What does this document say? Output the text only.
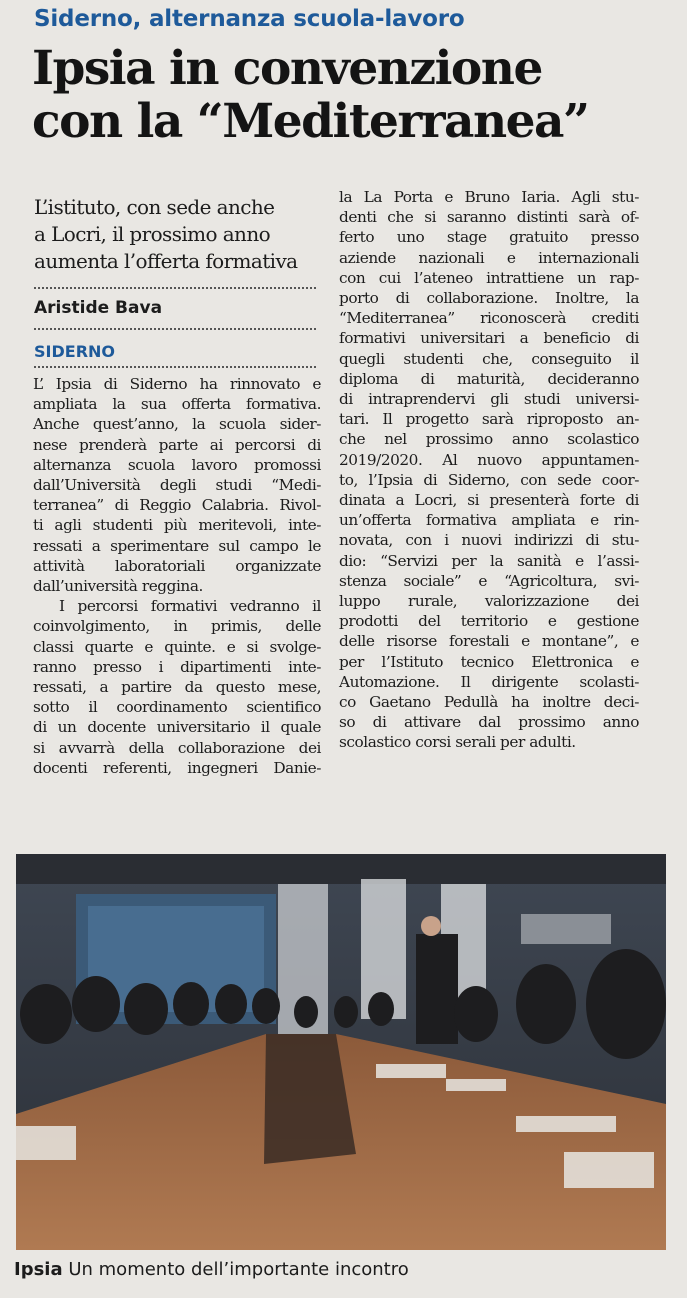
Siderno, alternanza scuola-lavoro
Ipsia in convenzione
con la “Mediterranea”
L’istituto, con sede anche
a Locri, il prossimo anno
aumenta l’offerta formativa
Aristide Bava
SIDERNO
L’ Ipsia di Siderno ha rinnovato e
ampliata la sua offerta formativa.
Anche quest’anno, la scuola sider-
nese prenderà parte ai percorsi di
alternanza scuola lavoro promossi
dall’Università degli studi “Medi-
terranea” di Reggio Calabria. Rivol-
ti agli studenti più meritevoli, inte-
ressati a sperimentare sul campo le
attività laboratoriali organizzate
dall’università reggina.
I percorsi formativi vedranno il
coinvolgimento, in primis, delle
classi quarte e quinte. e si svolge-
ranno presso i dipartimenti inte-
ressati, a partire da questo mese,
sotto il coordinamento scientifico
di un docente universitario il quale
si avvarrà della collaborazione dei
docenti referenti, ingegneri Danie-
la La Porta e Bruno Iaria. Agli stu-
denti che si saranno distinti sarà of-
ferto uno stage gratuito presso
aziende nazionali e internazionali
con cui l’ateneo intrattiene un rap-
porto di collaborazione. Inoltre, la
“Mediterranea” riconoscerà crediti
formativi universitari a beneficio di
quegli studenti che, conseguito il
diploma di maturità, decideranno
di intraprendervi gli studi universi-
tari. Il progetto sarà riproposto an-
che nel prossimo anno scolastico
2019/2020. Al nuovo appuntamen-
to, l’Ipsia di Siderno, con sede coor-
dinata a Locri, si presenterà forte di
un’offerta formativa ampliata e rin-
novata, con i nuovi indirizzi di stu-
dio: “Servizi per la sanità e l’assi-
stenza sociale” e “Agricoltura, svi-
luppo rurale, valorizzazione dei
prodotti del territorio e gestione
delle risorse forestali e montane”, e
per l’Istituto tecnico Elettronica e
Automazione. Il dirigente scolasti-
co Gaetano Pedullà ha inoltre deci-
so di attivare dal prossimo anno
scolastico corsi serali per adulti.
Ipsia Un momento dell’importante incontro
